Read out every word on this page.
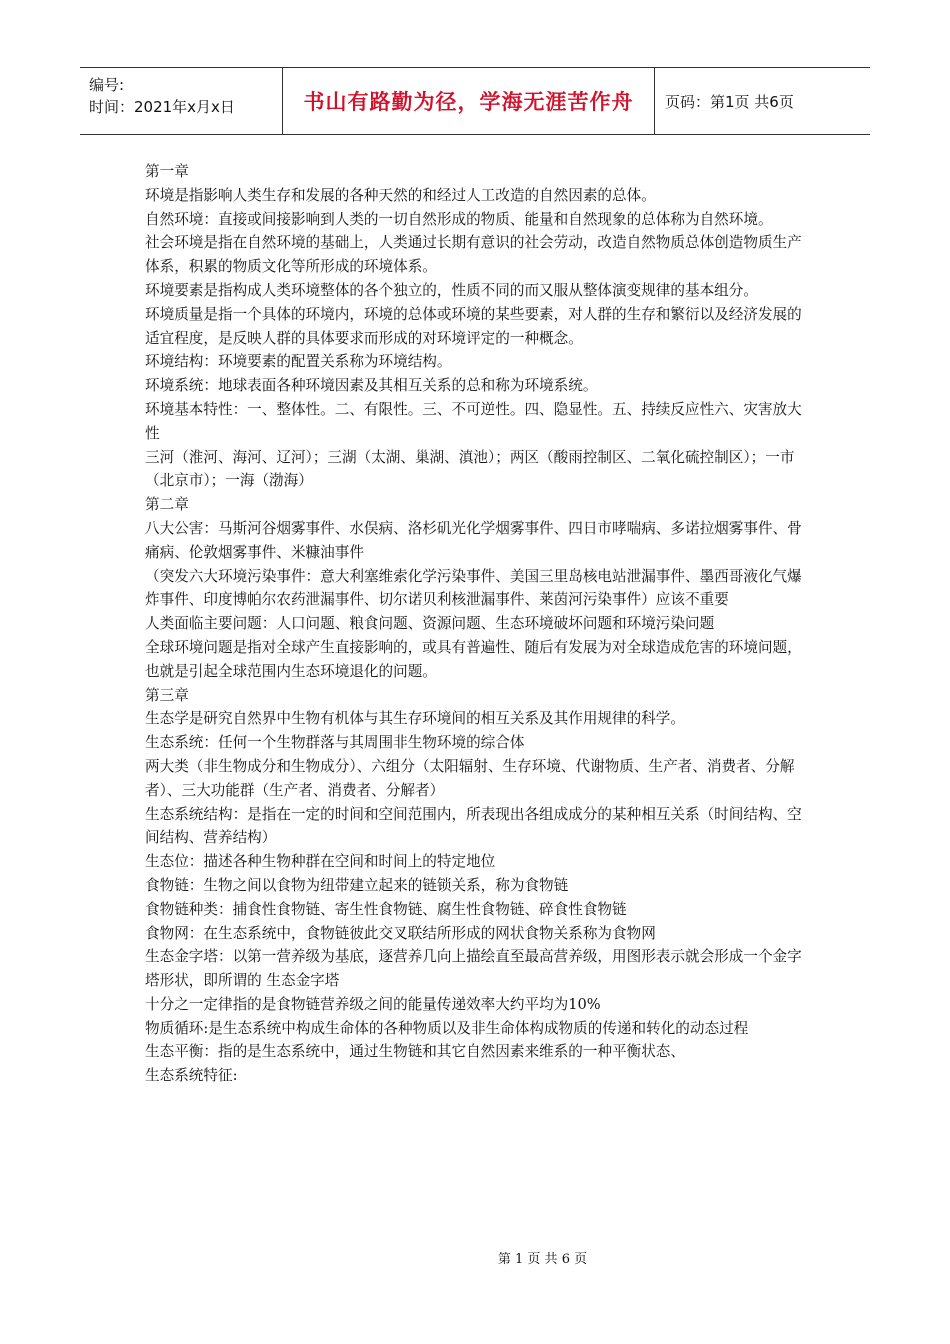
编号:
时间：2021年x月x日	书山有路勤为径，学海无涯苦作舟 页码：第1页 共6页

第一章

环境是指影响人类生存和发展的各种天然的和经过人工改造的自然因素的总体。

自然环境：直接或间接影响到人类的一切自然形成的物质、能量和自然现象的总体称为自然环境。

社会环境是指在自然环境的基础上，人类通过长期有意识的社会劳动，改造自然物质总体创造物质生产体系，积累的物质文化等所形成的环境体系。

环境要素是指构成人类环境整体的各个独立的，性质不同的而又服从整体演变规律的基本组分。

环境质量是指一个具体的环境内，环境的总体或环境的某些要素，对人群的生存和繁衍以及经济发展的适宜程度，是反映人群的具体要求而形成的对环境评定的一种概念。

环境结构：环境要素的配置关系称为环境结构。

环境系统：地球表面各种环境因素及其相互关系的总和称为环境系统。

环境基本特性：一、整体性。二、有限性。三、不可逆性。四、隐显性。五、持续反应性六、灾害放大性

三河（淮河、海河、辽河）；三湖（太湖、巢湖、滇池）；两区（酸雨控制区、二氧化硫控制区）；一市（北京市）；一海（渤海）

第二章

八大公害：马斯河谷烟雾事件、水俣病、洛杉矶光化学烟雾事件、四日市哮喘病、多诺拉烟雾事件、骨痛病、伦敦烟雾事件、米糠油事件

（突发六大环境污染事件：意大利塞维索化学污染事件、美国三里岛核电站泄漏事件、墨西哥液化气爆炸事件、印度博帕尔农药泄漏事件、切尔诺贝利核泄漏事件、莱茵河污染事件）应该不重要

人类面临主要问题：人口问题、粮食问题、资源问题、生态环境破坏问题和环境污染问题

全球环境问题是指对全球产生直接影响的，或具有普遍性、随后有发展为对全球造成危害的环境问题，也就是引起全球范围内生态环境退化的问题。

第三章

生态学是研究自然界中生物有机体与其生存环境间的相互关系及其作用规律的科学。

生态系统：任何一个生物群落与其周围非生物环境的综合体

两大类（非生物成分和生物成分）、六组分（太阳辐射、生存环境、代谢物质、生产者、消费者、分解者）、三大功能群（生产者、消费者、分解者）

生态系统结构：是指在一定的时间和空间范围内，所表现出各组成成分的某种相互关系（时间结构、空间结构、营养结构）

生态位：描述各种生物种群在空间和时间上的特定地位

食物链：生物之间以食物为纽带建立起来的链锁关系，称为食物链

食物链种类：捕食性食物链、寄生性食物链、腐生性食物链、碎食性食物链

食物网：在生态系统中，食物链彼此交叉联结所形成的网状食物关系称为食物网

生态金字塔：以第一营养级为基底，逐营养几向上描绘直至最高营养级，用图形表示就会形成一个金字塔形状，即所谓的 生态金字塔

十分之一定律指的是食物链营养级之间的能量传递效率大约平均为10%

物质循环:是生态系统中构成生命体的各种物质以及非生命体构成物质的传递和转化的动态过程

生态平衡：指的是生态系统中，通过生物链和其它自然因素来维系的一种平衡状态、

生态系统特征:

第 1 页 共 6 页
